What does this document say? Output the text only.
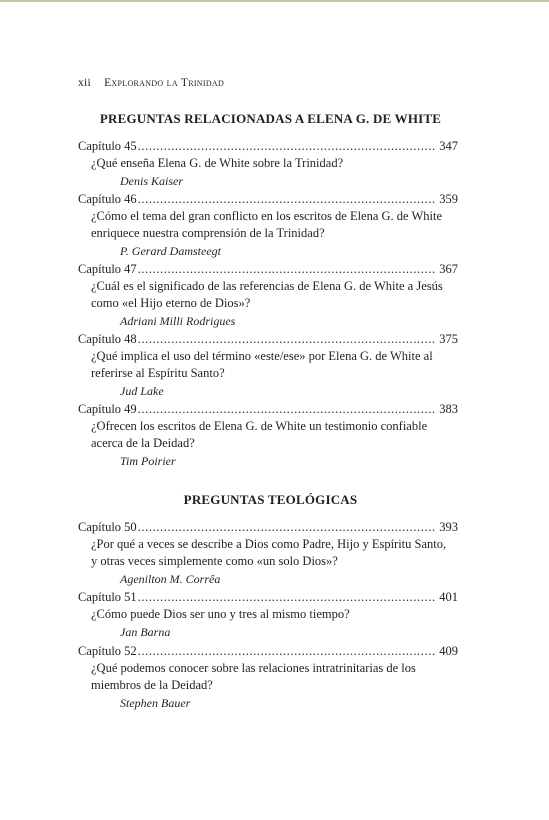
xii Explorando la Trinidad
PREGUNTAS RELACIONADAS A ELENA G. DE WHITE
Capítulo 45 .....	347
¿Qué enseña Elena G. de White sobre la Trinidad?
Denis Kaiser
Capítulo 46 .....	359
¿Cómo el tema del gran conflicto en los escritos de Elena G. de White
enriquece nuestra comprensión de la Trinidad?
P. Gerard Damsteegt
Capítulo 47 .....	367
¿Cuál es el significado de las referencias de Elena G. de White a Jesús
como «el Hijo eterno de Dios»?
Adriani Milli Rodrigues
Capítulo 48 .....	375
¿Qué implica el uso del término «este/ese» por Elena G. de White al
referirse al Espíritu Santo?
Jud Lake
Capítulo 49 .....	383
¿Ofrecen los escritos de Elena G. de White un testimonio confiable
acerca de la Deidad?
Tim Poirier
PREGUNTAS TEOLÓGICAS
Capítulo 50 .....	393
¿Por qué a veces se describe a Dios como Padre, Hijo y Espíritu Santo,
y otras veces simplemente como «un solo Dios»?
Agenilton M. Corrêa
Capítulo 51 .....	401
¿Cómo puede Dios ser uno y tres al mismo tiempo?
Jan Barna
Capítulo 52 .....	409
¿Qué podemos conocer sobre las relaciones intratrinitarias de los
miembros de la Deidad?
Stephen Bauer
